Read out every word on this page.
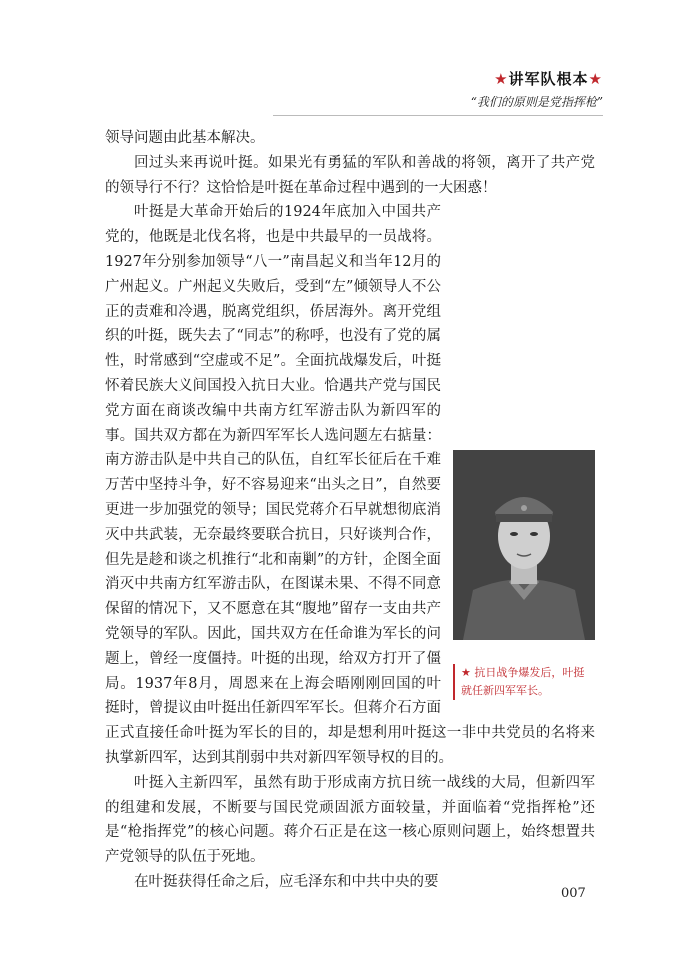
★讲军队根本★
“我们的原则是党指挥枪”

领导问题由此基本解决。

回过头来再说叶挺。如果光有勇猛的军队和善战的将领，离开了共产党的领导行不行？这恰恰是叶挺在革命过程中遇到的一大困惑！

★ 抗日战争爆发后，叶挺就任新四军军长。

叶挺是大革命开始后的1924年底加入中国共产党的，他既是北伐名将，也是中共最早的一员战将。1927年分别参加领导“八一”南昌起义和当年12月的广州起义。广州起义失败后，受到“左”倾领导人不公正的责难和冷遇，脱离党组织，侨居海外。离开党组织的叶挺，既失去了“同志”的称呼，也没有了党的属性，时常感到“空虚或不足”。全面抗战爆发后，叶挺怀着民族大义间国投入抗日大业。恰遇共产党与国民党方面在商谈改编中共南方红军游击队为新四军的事。国共双方都在为新四军军长人选问题左右掂量：南方游击队是中共自己的队伍，自红军长征后在千难万苦中坚持斗争，好不容易迎来“出头之日”，自然要更进一步加强党的领导；国民党蒋介石早就想彻底消灭中共武装，无奈最终要联合抗日，只好谈判合作，但先是趁和谈之机推行“北和南剿”的方针，企图全面消灭中共南方红军游击队，在图谋未果、不得不同意保留的情况下，又不愿意在其“腹地”留存一支由共产党领导的军队。因此，国共双方在任命谁为军长的问题上，曾经一度僵持。叶挺的出现，给双方打开了僵局。1937年8月，周恩来在上海会晤刚刚回国的叶挺时，曾提议由叶挺出任新四军军长。但蒋介石方面正式直接任命叶挺为军长的目的，却是想利用叶挺这一非中共党员的名将来执掌新四军，达到其削弱中共对新四军领导权的目的。

叶挺入主新四军，虽然有助于形成南方抗日统一战线的大局，但新四军的组建和发展，不断要与国民党顽固派方面较量，并面临着“党指挥枪”还是“枪指挥党”的核心问题。蒋介石正是在这一核心原则问题上，始终想置共产党领导的队伍于死地。

在叶挺获得任命之后，应毛泽东和中共中央的要

007
